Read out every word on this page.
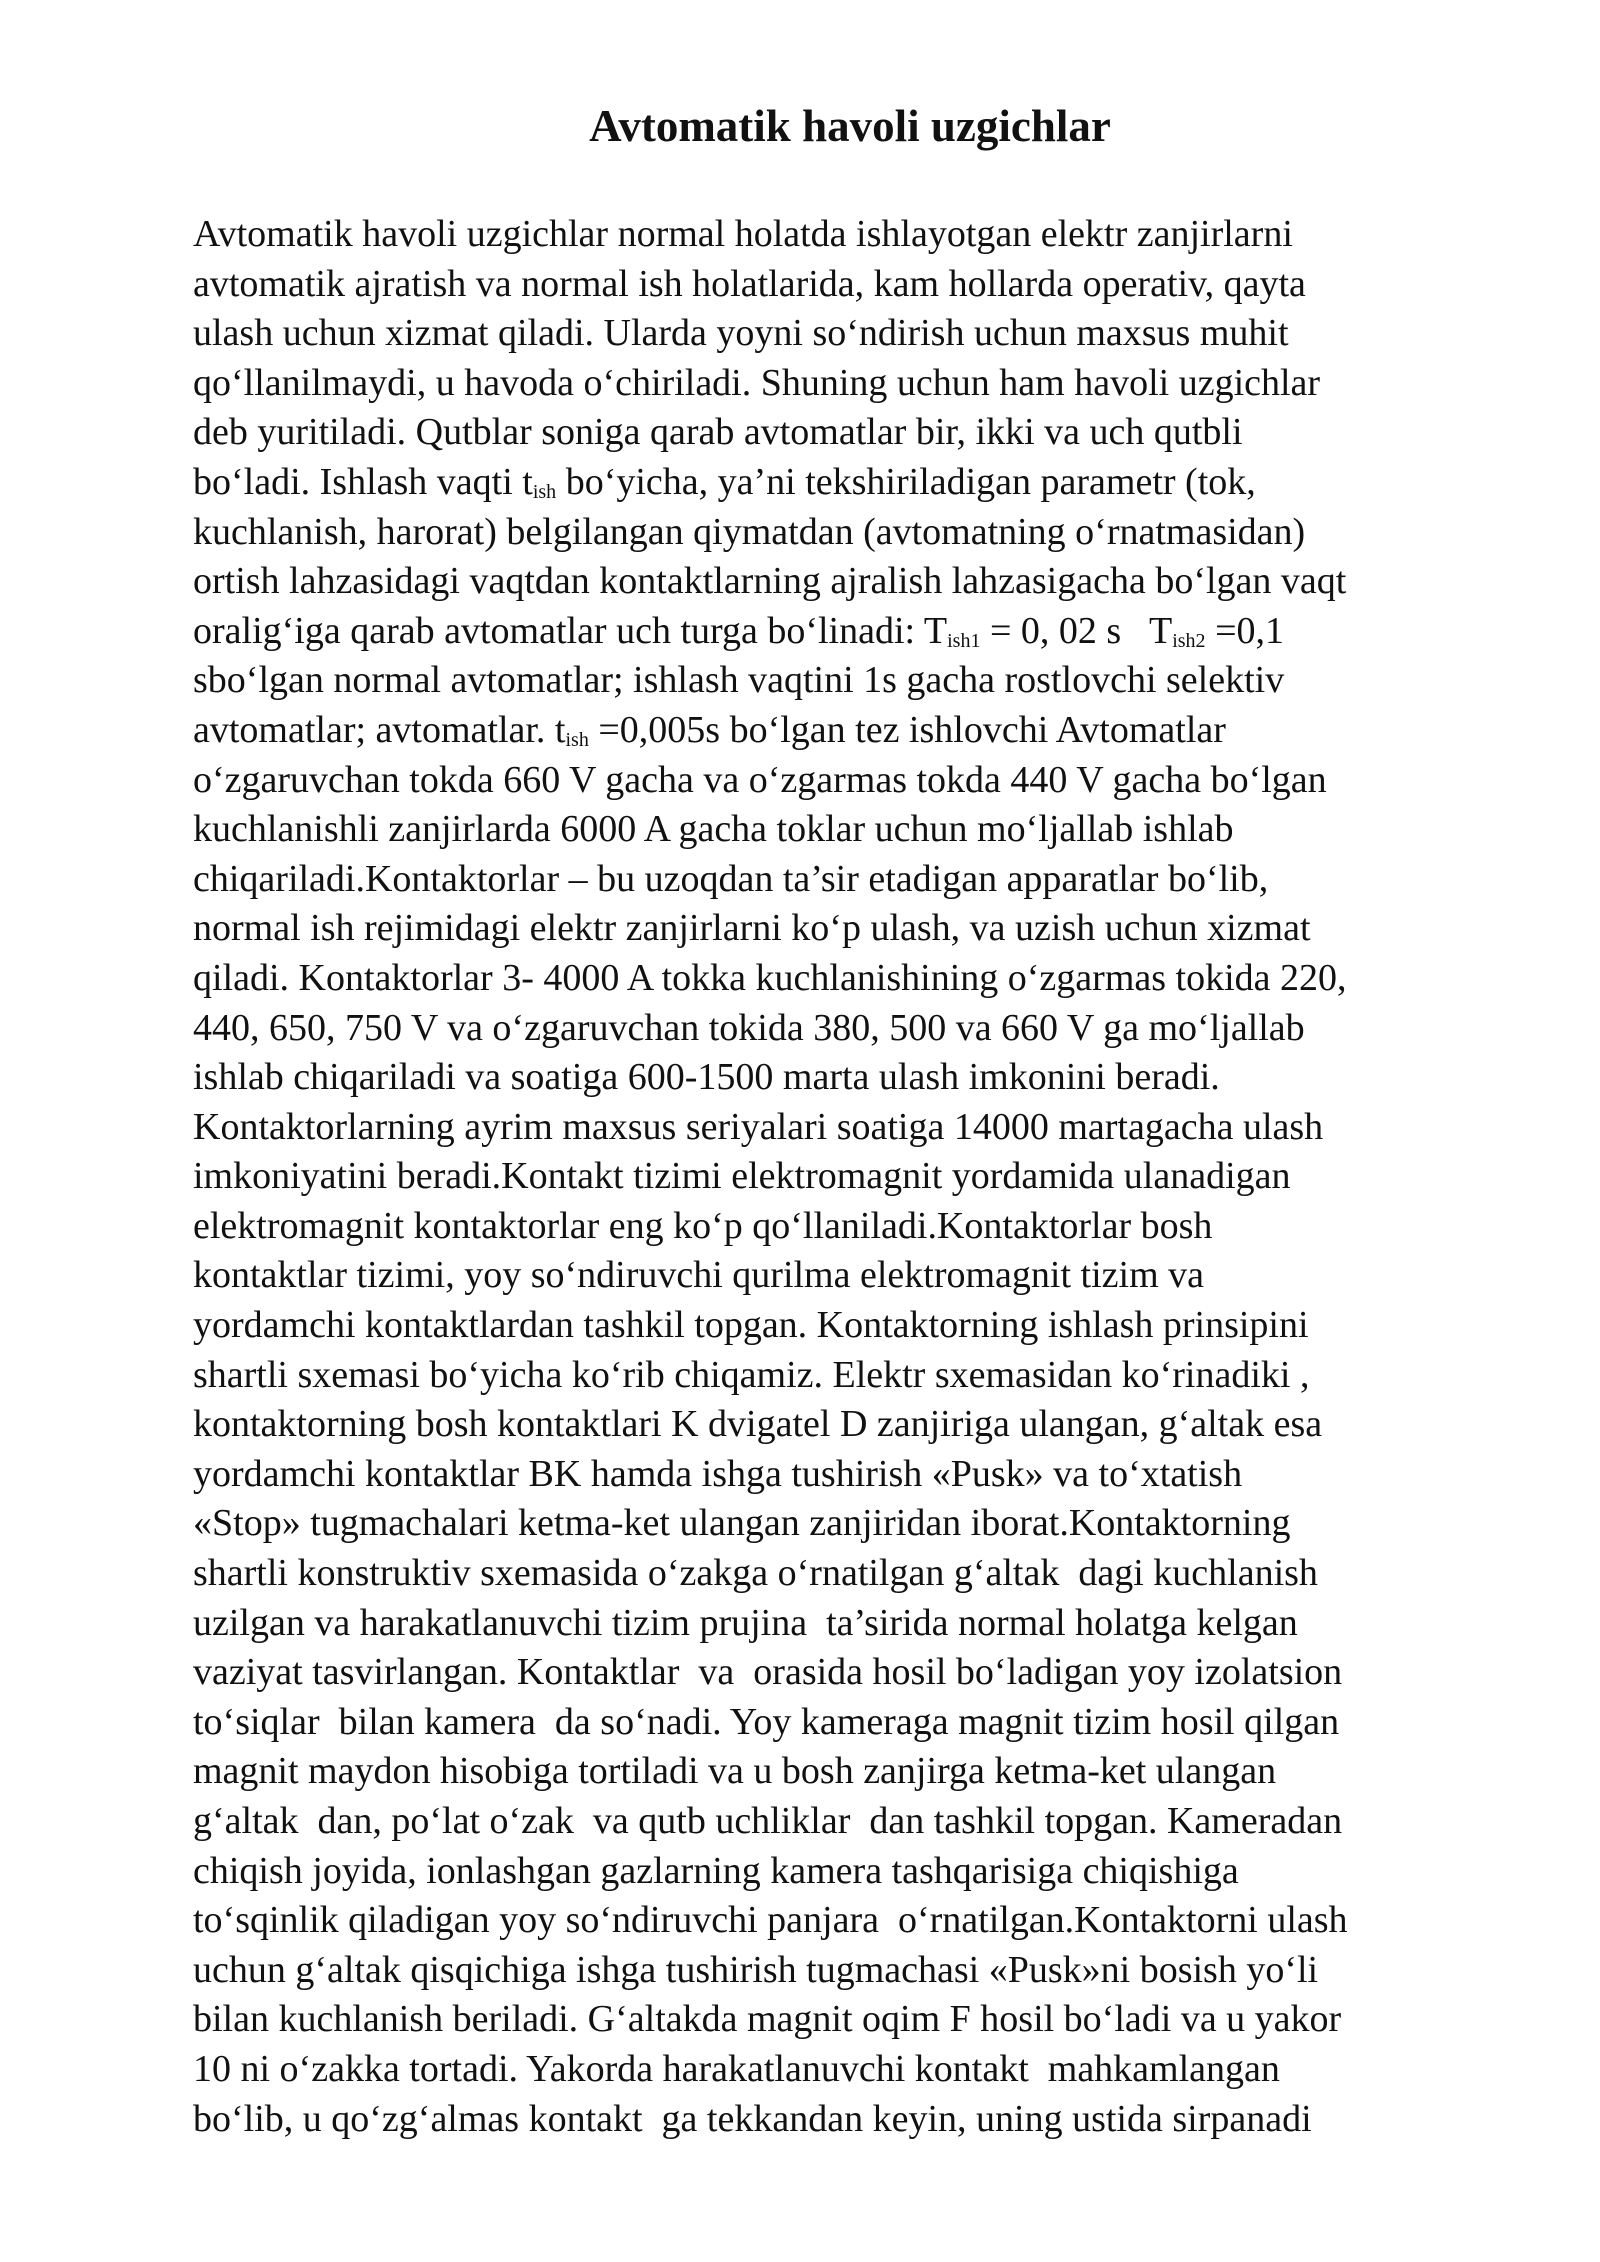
Avtomatik havoli uzgichlar
Avtomatik havoli uzgichlar normal holatda ishlayotgan elektr zanjirlarni
avtomatik ajratish va normal ish holatlarida, kam hollarda operativ, qayta
ulash uchun xizmat qiladi. Ularda yoyni so‘ndirish uchun maxsus muhit
qo‘llanilmaydi, u havoda o‘chiriladi. Shuning uchun ham havoli uzgichlar
deb yuritiladi. Qutblar soniga qarab avtomatlar bir, ikki va uch qutbli
bo‘ladi. Ishlash vaqti $t_{ish}$ bo‘yicha, ya’ni tekshiriladigan parametr (tok,
kuchlanish, harorat) belgilangan qiymatdan (avtomatning o‘rnatmasidan)
ortish lahzasidagi vaqtdan kontaktlarning ajralish lahzasigacha bo‘lgan vaqt
oralig‘iga qarab avtomatlar uch turga bo‘linadi: $T_{ish1} = 0$, 02 s   $T_{ish2} =0,1$
sbo‘lgan normal avtomatlar; ishlash vaqtini 1s gacha rostlovchi selektiv
avtomatlar; avtomatlar. $t_{ish} =0,005s$ bo‘lgan tez ishlovchi Avtomatlar
o‘zgaruvchan tokda 660 V gacha va o‘zgarmas tokda 440 V gacha bo‘lgan
kuchlanishli zanjirlarda 6000 A gacha toklar uchun mo‘ljallab ishlab
chiqariladi.Kontaktorlar – bu uzoqdan ta’sir etadigan apparatlar bo‘lib,
normal ish rejimidagi elektr zanjirlarni ko‘p ulash, va uzish uchun xizmat
qiladi. Kontaktorlar 3- 4000 A tokka kuchlanishining o‘zgarmas tokida 220,
440, 650, 750 V va o‘zgaruvchan tokida 380, 500 va 660 V ga mo‘ljallab
ishlab chiqariladi va soatiga 600-1500 marta ulash imkonini beradi.
Kontaktorlarning ayrim maxsus seriyalari soatiga 14000 martagacha ulash
imkoniyatini beradi.Kontakt tizimi elektromagnit yordamida ulanadigan
elektromagnit kontaktorlar eng ko‘p qo‘llaniladi.Kontaktorlar bosh
kontaktlar tizimi, yoy so‘ndiruvchi qurilma elektromagnit tizim va
yordamchi kontaktlardan tashkil topgan. Kontaktorning ishlash prinsipini
shartli sxemasi bo‘yicha ko‘rib chiqamiz. Elektr sxemasidan ko‘rinadiki ,
kontaktorning bosh kontaktlari K dvigatel D zanjiriga ulangan, g‘altak esa
yordamchi kontaktlar BK hamda ishga tushirish «Pusk» va to‘xtatish
«Stop» tugmachalari ketma-ket ulangan zanjiridan iborat.Kontaktorning
shartli konstruktiv sxemasida o‘zakga o‘rnatilgan g‘altak  dagi kuchlanish
uzilgan va harakatlanuvchi tizim prujina  ta’sirida normal holatga kelgan
vaziyat tasvirlangan. Kontaktlar  va  orasida hosil bo‘ladigan yoy izolatsion
to‘siqlar  bilan kamera  da so‘nadi. Yoy kameraga magnit tizim hosil qilgan
magnit maydon hisobiga tortiladi va u bosh zanjirga ketma-ket ulangan
g‘altak  dan, po‘lat o‘zak  va qutb uchliklar  dan tashkil topgan. Kameradan
chiqish joyida, ionlashgan gazlarning kamera tashqarisiga chiqishiga
to‘sqinlik qiladigan yoy so‘ndiruvchi panjara  o‘rnatilgan.Kontaktorni ulash
uchun g‘altak qisqichiga ishga tushirish tugmachasi «Pusk»ni bosish yo‘li
bilan kuchlanish beriladi. G‘altakda magnit oqim F hosil bo‘ladi va u yakor
10 ni o‘zakka tortadi. Yakorda harakatlanuvchi kontakt  mahkamlangan
bo‘lib, u qo‘zg‘almas kontakt  ga tekkandan keyin, uning ustida sirpanadi
